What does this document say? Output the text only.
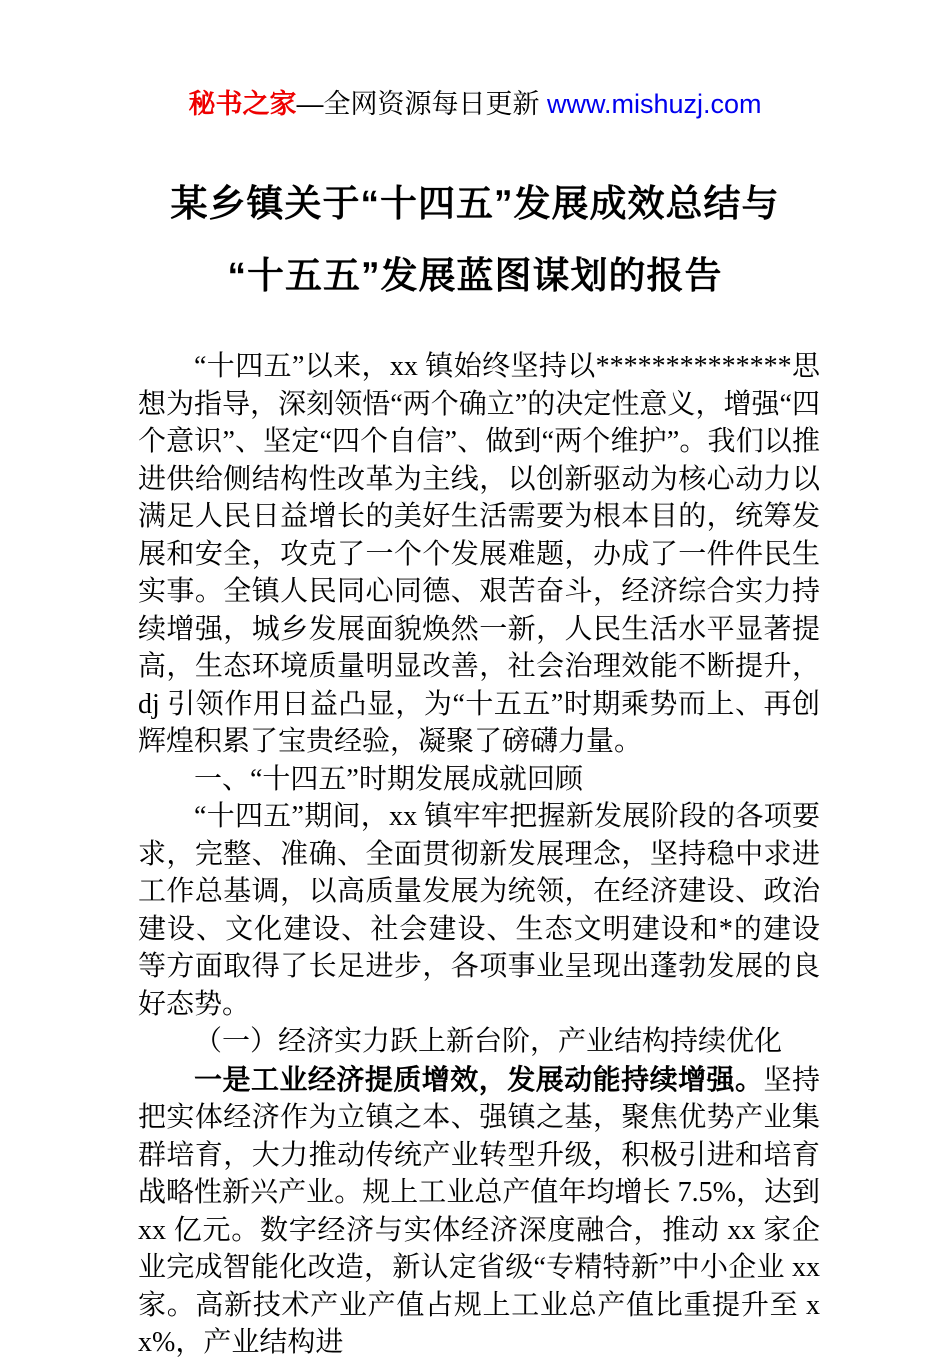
秘书之家—全网资源每日更新 www.mishuzj.com
某乡镇关于“十四五”发展成效总结与
“十五五”发展蓝图谋划的报告

“十四五”以来，xx 镇始终坚持以**************思想为指导，深刻领悟“两个确立”的决定性意义，增强“四个意识”、坚定“四个自信”、做到“两个维护”。我们以推进供给侧结构性改革为主线，以创新驱动为核心动力以满足人民日益增长的美好生活需要为根本目的，统筹发展和安全，攻克了一个个发展难题，办成了一件件民生实事。全镇人民同心同德、艰苦奋斗，经济综合实力持续增强，城乡发展面貌焕然一新，人民生活水平显著提高，生态环境质量明显改善，社会治理效能不断提升，dj 引领作用日益凸显，为“十五五”时期乘势而上、再创辉煌积累了宝贵经验，凝聚了磅礴力量。

一、“十四五”时期发展成就回顾

“十四五”期间，xx 镇牢牢把握新发展阶段的各项要求，完整、准确、全面贯彻新发展理念，坚持稳中求进工作总基调，以高质量发展为统领，在经济建设、政治建设、文化建设、社会建设、生态文明建设和*的建设等方面取得了长足进步，各项事业呈现出蓬勃发展的良好态势。

（一）经济实力跃上新台阶，产业结构持续优化

一是工业经济提质增效，发展动能持续增强。坚持把实体经济作为立镇之本、强镇之基，聚焦优势产业集群培育，大力推动传统产业转型升级，积极引进和培育战略性新兴产业。规上工业总产值年均增长 7.5%，达到 xx 亿元。数字经济与实体经济深度融合，推动 xx 家企业完成智能化改造，新认定省级“专精特新”中小企业 xx 家。高新技术产业产值占规上工业总产值比重提升至 xx%，产业结构进
